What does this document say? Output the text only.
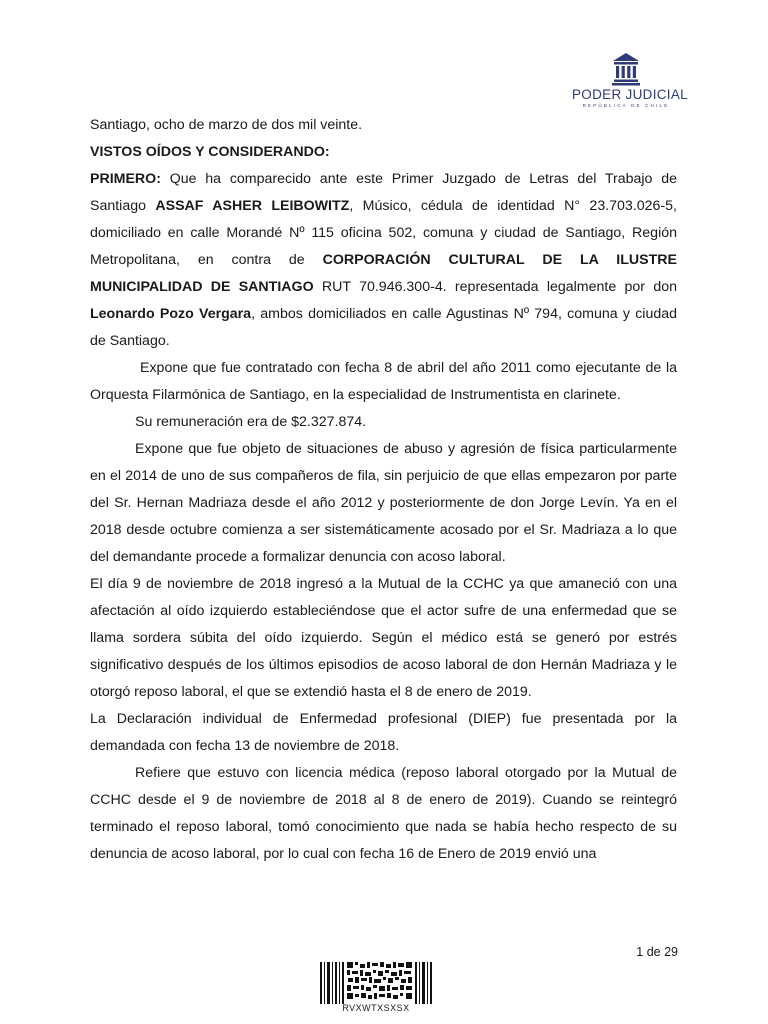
PODER JUDICIAL
REPÚBLICA DE CHILE

Santiago, ocho de marzo de dos mil veinte.

VISTOS OÍDOS Y CONSIDERANDO:

PRIMERO: Que ha comparecido ante este Primer Juzgado de Letras del Trabajo de Santiago ASSAF ASHER LEIBOWITZ, Músico, cédula de identidad N° 23.703.026-5, domiciliado en calle Morandé Nº 115 oficina 502, comuna y ciudad de Santiago, Región Metropolitana, en contra de CORPORACIÓN CULTURAL DE LA ILUSTRE MUNICIPALIDAD DE SANTIAGO RUT 70.946.300-4. representada legalmente por don Leonardo Pozo Vergara, ambos domiciliados en calle Agustinas Nº 794, comuna y ciudad de Santiago.

Expone que fue contratado con fecha 8 de abril del año 2011 como ejecutante de la Orquesta Filarmónica de Santiago, en la especialidad de Instrumentista en clarinete.

Su remuneración era de $2.327.874.

Expone que fue objeto de situaciones de abuso y agresión de física particularmente en el 2014 de uno de sus compañeros de fila, sin perjuicio de que ellas empezaron por parte del Sr. Hernan Madriaza desde el año 2012 y posteriormente de don Jorge Levín. Ya en el 2018 desde octubre comienza a ser sistemáticamente acosado por el Sr. Madriaza a lo que del demandante procede a formalizar denuncia con acoso laboral.

El día 9 de noviembre de 2018 ingresó a la Mutual de la CCHC ya que amaneció con una afectación al oído izquierdo estableciéndose que el actor sufre de una enfermedad que se llama sordera súbita del oído izquierdo. Según el médico está se generó por estrés significativo después de los últimos episodios de acoso laboral de don Hernán Madriaza y le otorgó reposo laboral, el que se extendió hasta el 8 de enero de 2019.

La Declaración individual de Enfermedad profesional (DIEP) fue presentada por la demandada con fecha 13 de noviembre de 2018.

Refiere que estuvo con licencia médica (reposo laboral otorgado por la Mutual de CCHC desde el 9 de noviembre de 2018 al 8 de enero de 2019). Cuando se reintegró terminado el reposo laboral, tomó conocimiento que nada se había hecho respecto de su denuncia de acoso laboral, por lo cual con fecha 16 de Enero de 2019 envió una

1 de 29
RVXWTXSXSX
